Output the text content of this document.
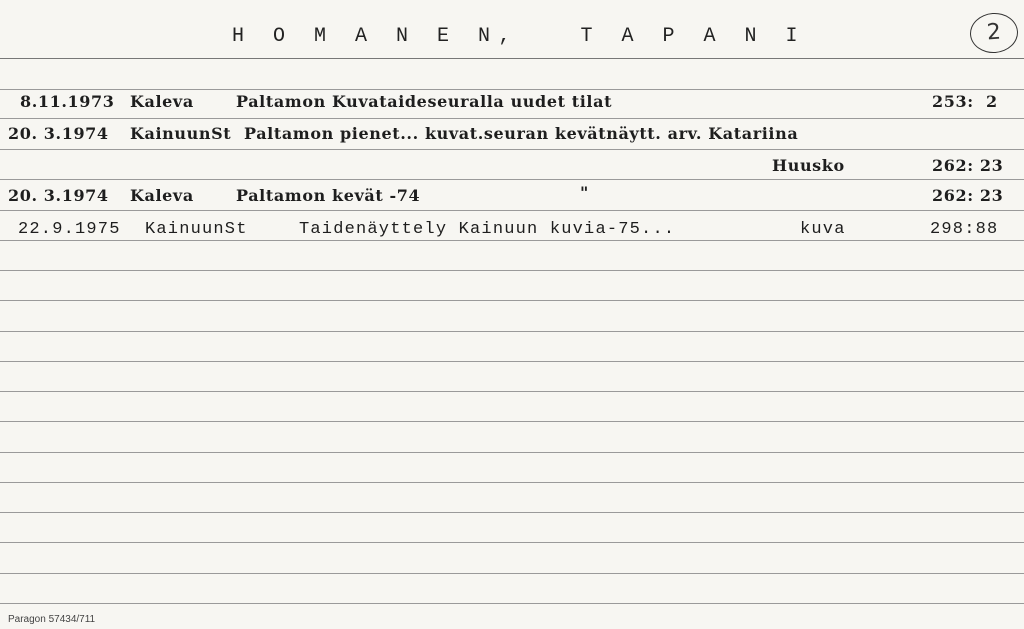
H O M A N E N,   T A P A N I	2
8.11.1973 Kaleva	Paltamon Kuvataideseuralla uudet tilat	253:  2
20. 3.1974 KainuunSt Paltamon pienet... kuvat.seuran kevätnäytt. arv. Katariina
Huusko	262: 23
20. 3.1974 Kaleva	Paltamon kevät -74	"	262: 23
22.9.1975 KainuunSt	Taidenäyttely Kainuun kuvia-75...	kuva	298:88
Paragon 57434/711
